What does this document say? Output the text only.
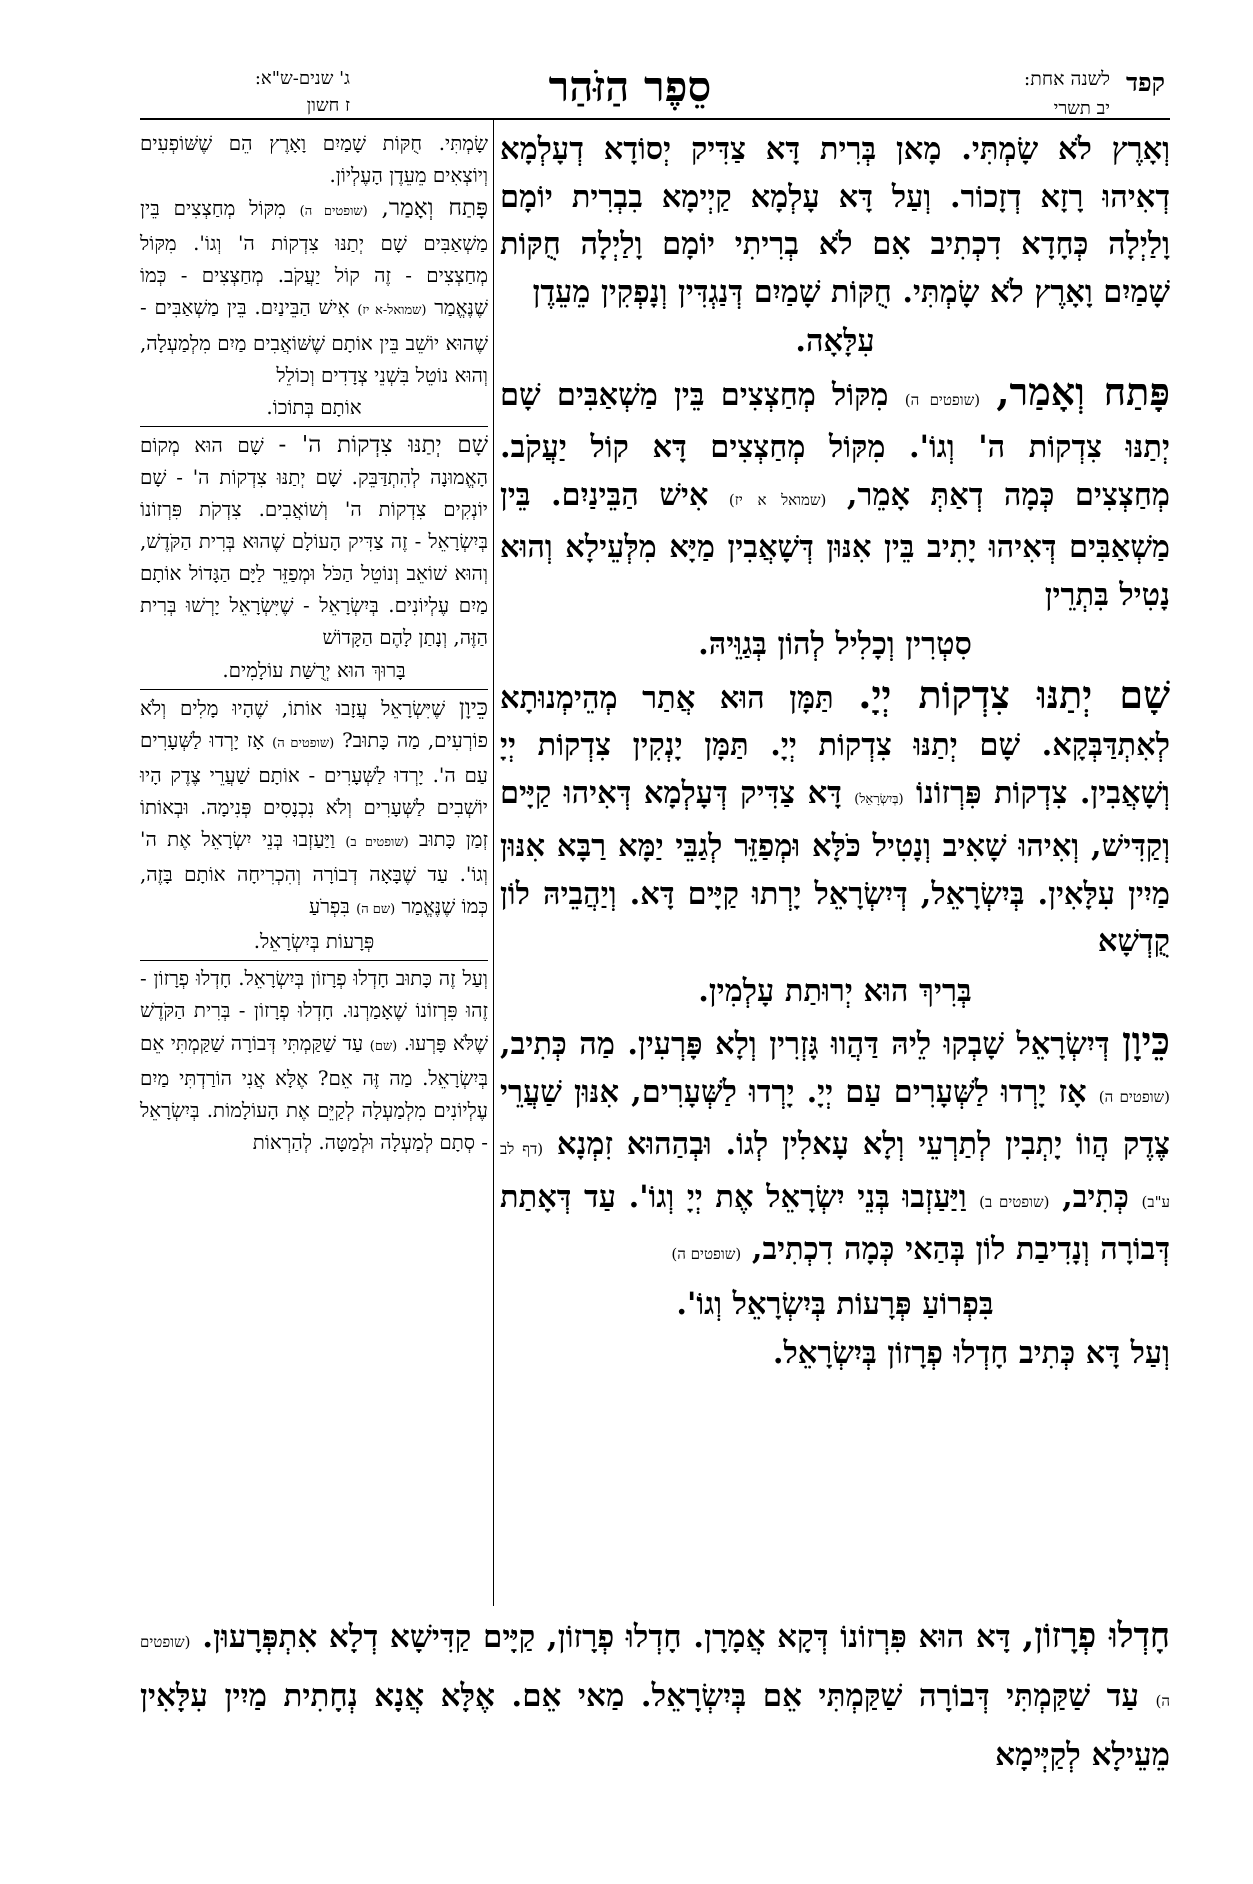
קפד
לשנה אחת:
יב תשרי
סֵפֶר הַזֹּהַר
ג' שנים-ש"א:
ז חשון

וְאָרֶץ לֹא שָׂמְתִּי. מָאן בְּרִית דָּא צַדִּיק יְסוֹדָא דְעָלְמָא דְאִיהוּ רָזָא דְזָכוֹר. וְעַל דָּא עָלְמָא קַיְימָא בִבְרִית יוֹמָם וָלַיְלָה כְּחָדָא דִכְתִיב אִם לֹא בְרִיתִי יוֹמָם וָלַיְלָה חֻקּוֹת שָׁמַיִם וָאָרֶץ לֹא שָׂמְתִּי. חֻקּוֹת שָׁמַיִם דְּנַגְדִּין וְנָפְקִין מֵעֵדֶן

עִלָּאָה.

פָּתַח וְאָמַר, (שופטים ה) מִקּוֹל מְחַצְצִים בֵּין מַשְׁאַבִּים שָׁם יְתַנּוּ צִדְקוֹת ה' וְגוֹ'. מִקּוֹל מְחַצְצִים דָּא קוֹל יַעֲקֹב. מְחַצְצִים כְּמָה דְאַתְּ אָמֵר, (שמואל א יז) אִישׁ הַבֵּינַיִם. בֵּין מַשְׁאַבִּים דְּאִיהוּ יָתִיב בֵּין אִנּוּן דְּשָׁאֲבִין מַיָּא מִלְּעֵילָא וְהוּא נָטִיל בִּתְרֵין

סִטְרִין וְכָלִיל לְהוֹן בְּגַוֵּיהּ.

שָׁם יְתַנּוּ צִדְקוֹת יְיָ. תַּמָּן הוּא אֲתַר מְהֵימְנוּתָא לְאִתְדַּבְּקָא. שָׁם יְתַנּוּ צִדְקוֹת יְיָ. תַּמָּן יָנְקִין צִדְקוֹת יְיָ וְשָׁאֲבִין. צִדְקוֹת פִּרְזוֹנוֹ (בְּיִשְׂרָאֵל) דָּא צַדִּיק דְּעָלְמָא דְּאִיהוּ קַיָּים וְקַדִּישׁ, וְאִיהוּ שָׁאִיב וְנָטִיל כֹּלָּא וּמְפַזֵּר לְגַבֵּי יַמָּא רַבָּא אִנּוּן מַיִין עִלָּאִין. בְּיִשְׂרָאֵל, דְּיִשְׂרָאֵל יָרְתוּ קַיָּים דָּא. וְיַהֲבֵיהּ לוֹן קֻדְשָׁא

בְּרִיךְ הוּא יְרוּתַת עָלְמִין.

כֵּיוָן דְּיִשְׂרָאֵל שָׁבְקוּ לֵיהּ דַּהֲווּ גָּזְרִין וְלָא פָּרְעִין. מַה כְּתִיב, (שופטים ה) אָז יָרְדוּ לַשְּׁעָרִים עַם יְיָ. יָרְדוּ לַשְּׁעָרִים, אִנּוּן שַׁעֲרֵי צֶדֶק הֲווֹ יָתְבִין לְתַרְעֵי וְלָא עָאלִין לְגוֹ. וּבְהַהוּא זִמְנָא (דף לב ע"ב) כְּתִיב, (שופטים ב) וַיַּעַזְבוּ בְּנֵי יִשְׂרָאֵל אֶת יְיָ וְגוֹ'. עַד דְּאָתַת דְּבוֹרָה וְנָדִיבַת לוֹן בְּהַאי כְּמָה דִכְתִיב, (שופטים ה)

בִּפְרוֹעַ פְּרָעוֹת בְּיִשְׂרָאֵל וְגוֹ'.

וְעַל דָּא כְּתִיב חָדְלוּ פְרָזוֹן בְּיִשְׂרָאֵל.

שָׂמְתִּי. חֻקּוֹת שָׁמַיִם וָאָרֶץ הֵם שֶׁשּׁוֹפְעִים וְיוֹצְאִים מֵעֵדֶן הָעֶלְיוֹן.

פָּתַח וְאָמַר, (שופטים ה) מִקּוֹל מְחַצְצִים בֵּין מַשְׁאַבִּים שָׁם יְתַנּוּ צִדְקוֹת ה' וְגוֹ'. מִקּוֹל מְחַצְצִים - זֶה קוֹל יַעֲקֹב. מְחַצְצִים - כְּמוֹ שֶׁנֶּאֱמַר (שמואל-א יז) אִישׁ הַבֵּינַיִם. בֵּין מַשְׁאַבִּים - שֶׁהוּא יוֹשֵׁב בֵּין אוֹתָם שֶׁשּׁוֹאֲבִים מַיִם מִלְמַעְלָה, וְהוּא נוֹטֵל בִּשְׁנֵי צְדָדִים וְכוֹלֵל

אוֹתָם בְּתוֹכוֹ.

שָׁם יְתַנּוּ צִדְקוֹת ה' - שָׁם הוּא מְקוֹם הָאֱמוּנָה לְהִתְדַּבֵּק. שָׁם יְתַנּוּ צִדְקוֹת ה' - שָׁם יוֹנְקִים צִדְקוֹת ה' וְשׁוֹאֲבִים. צִדְקֹת פִּרְזוֹנוֹ בְּיִשְׂרָאֵל - זֶה צַדִּיק הָעוֹלָם שֶׁהוּא בְּרִית הַקֹּדֶשׁ, וְהוּא שׁוֹאֵב וְנוֹטֵל הַכֹּל וּמְפַזֵּר לַיָּם הַגָּדוֹל אוֹתָם מַיִם עֶלְיוֹנִים. בְּיִשְׂרָאֵל - שֶׁיִּשְׂרָאֵל יָרְשׁוּ בְּרִית הַזֶּה, וְנָתַן לָהֶם הַקָּדוֹשׁ

בָּרוּךְ הוּא יְרֻשַּׁת עוֹלָמִים.

כֵּיוָן שֶׁיִּשְׂרָאֵל עֲזָבוּ אוֹתוֹ, שֶׁהָיוּ מָלִים וְלֹא פוֹרְעִים, מַה כָּתוּב? (שופטים ה) אָז יָרְדוּ לַשְּׁעָרִים עַם ה'. יָרְדוּ לַשְּׁעָרִים - אוֹתָם שַׁעֲרֵי צֶדֶק הָיוּ יוֹשְׁבִים לַשְּׁעָרִים וְלֹא נִכְנָסִים פְּנִימָה. וּבְאוֹתוֹ זְמַן כָּתוּב (שופטים ב) וַיַּעַזְבוּ בְּנֵי יִשְׂרָאֵל אֶת ה' וְגוֹ'. עַד שֶׁבָּאָה דְבוֹרָה וְהִכְרִיחָה אוֹתָם בָּזֶה, כְּמוֹ שֶׁנֶּאֱמַר (שם ה) בִּפְרֹעַ

פְּרָעוֹת בְּיִשְׂרָאֵל.

וְעַל זֶה כָּתוּב חָדְלוּ פְרָזוֹן בְּיִשְׂרָאֵל. חָדְלוּ פְרָזוֹן - זֶהוּ פִּרְזוֹנוֹ שֶׁאָמַרְנוּ. חָדְלוּ פְרָזוֹן - בְּרִית הַקֹּדֶשׁ שֶׁלֹּא פָּרְעוּ. (שם) עַד שַׁקַּמְתִּי דְּבוֹרָה שַׁקַּמְתִּי אֵם בְּיִשְׂרָאֵל. מַה זֶּה אֵם? אֶלָּא אֲנִי הוֹרַדְתִּי מַיִם עֶלְיוֹנִים מִלְמַעְלָה לְקַיֵּם אֶת הָעוֹלָמוֹת. בְּיִשְׂרָאֵל - סְתָם לְמַעְלָה וּלְמַטָּה. לְהַרְאוֹת

חָדְלוּ פְרָזוֹן, דָּא הוּא פִּרְזוֹנוֹ דְּקָא אֲמָרָן. חָדְלוּ פְרָזוֹן, קַיָּים קַדִּישָׁא דְלָא אִתְפְּרָעוּן. (שופטים ה) עַד שַׁקַּמְתִּי דְּבוֹרָה שַׁקַּמְתִּי אֵם בְּיִשְׂרָאֵל. מַאי אֵם. אֶלָּא אֲנָא נְחָתִית מַיִין עִלָּאִין מֵעֵילָא לְקַיְּימָא
